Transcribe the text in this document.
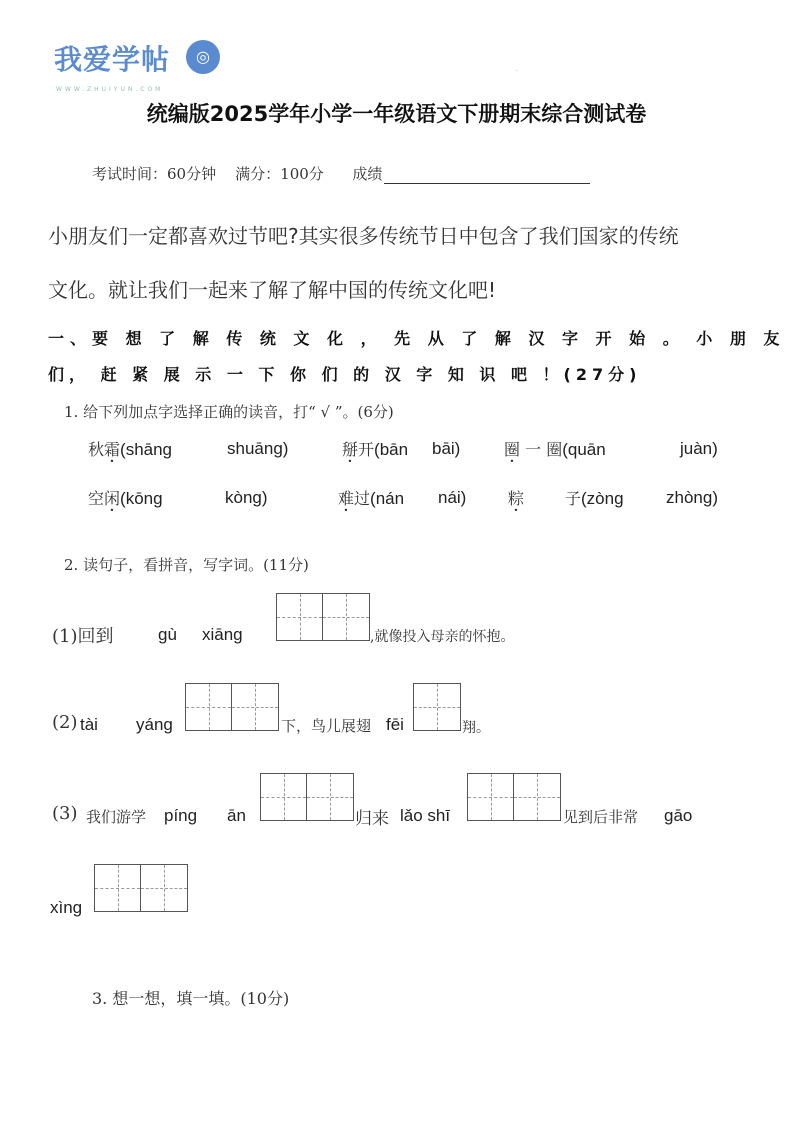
我爱学帖	◎
WWW.ZHUIYUN.COM
.
统编版2025学年小学一年级语文下册期末综合测试卷
考试时间：60分钟 满分：100分 成绩
小朋友们一定都喜欢过节吧?其实很多传统节日中包含了我们国家的传统
文化。就让我们一起来了解了解中国的传统文化吧!
一、要 想 了 解 传 统 文 化 ， 先 从 了 解 汉 字 开 始 。 小 朋 友
们， 赶 紧 展 示 一 下 你 们 的 汉 字 知 识 吧 ！(27分)
1. 给下列加点字选择正确的读音，打“ √ ”。(6分)
秋霜(shāng	shuāng)	掰开(bān bāi)	圈 一 圈(quān	juàn)
空闲(kōng	kòng)	难过(nán nái)	粽	子(zòng zhòng)
2. 读句子，看拼音，写字词。(11分)
(1)回到	gù xiāng	,就像投入母亲的怀抱。
(2) tài yáng	下，鸟儿展翅 fēi	翔。
(3) 我们游学 píng ān	归来 lǎo shī	见到后非常 gāo
xìng
3. 想一想，填一填。(10分)
